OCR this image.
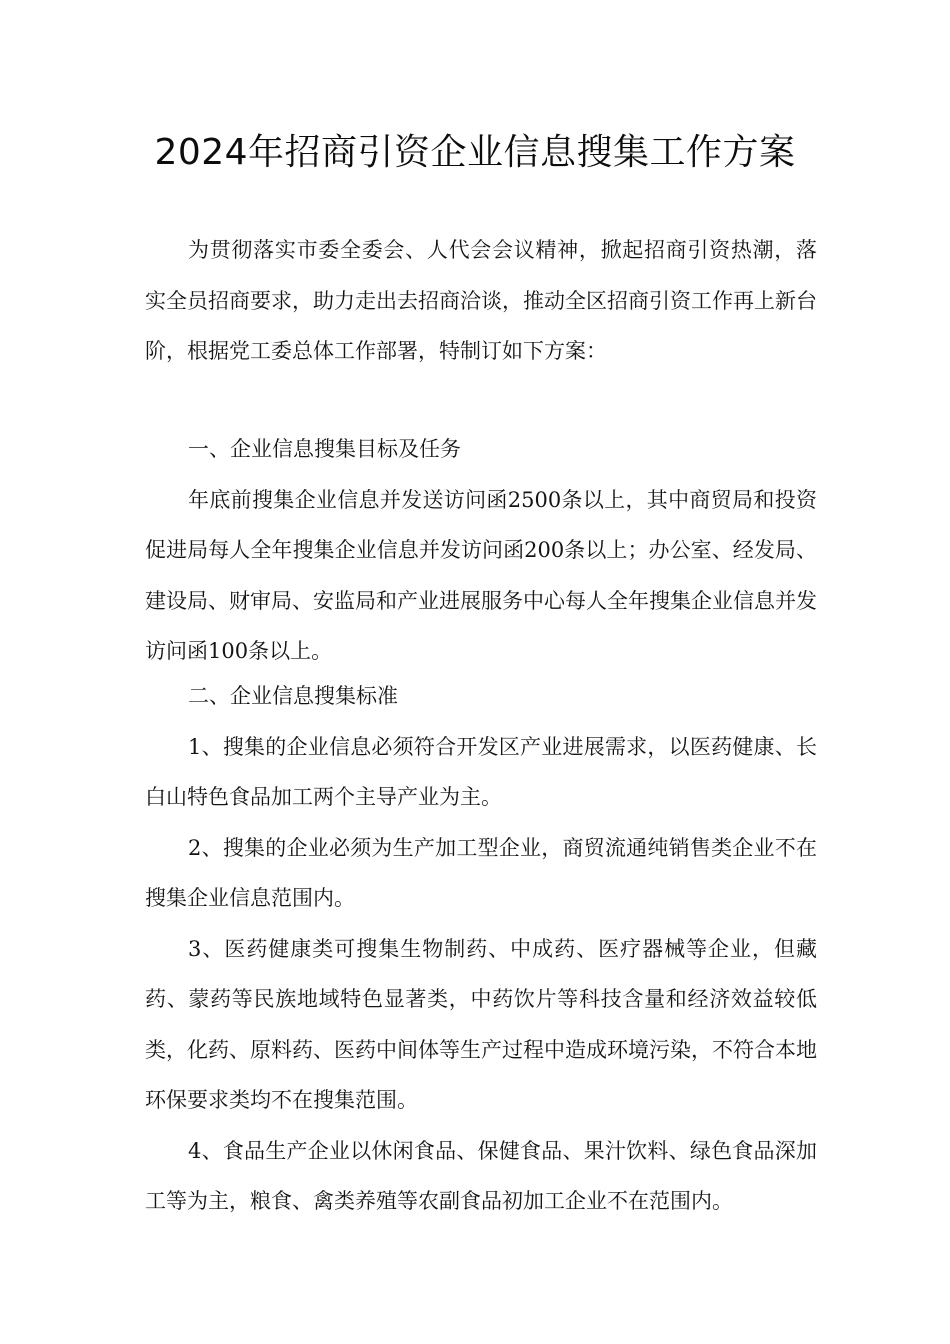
2024年招商引资企业信息搜集工作方案

为贯彻落实市委全委会、人代会会议精神，掀起招商引资热潮，落实全员招商要求，助力走出去招商洽谈，推动全区招商引资工作再上新台阶，根据党工委总体工作部署，特制订如下方案：

一、企业信息搜集目标及任务

年底前搜集企业信息并发送访问函2500条以上，其中商贸局和投资促进局每人全年搜集企业信息并发访问函200条以上；办公室、经发局、建设局、财审局、安监局和产业进展服务中心每人全年搜集企业信息并发访问函100条以上。

二、企业信息搜集标准

1、搜集的企业信息必须符合开发区产业进展需求，以医药健康、长白山特色食品加工两个主导产业为主。

2、搜集的企业必须为生产加工型企业，商贸流通纯销售类企业不在搜集企业信息范围内。

3、医药健康类可搜集生物制药、中成药、医疗器械等企业，但藏药、蒙药等民族地域特色显著类，中药饮片等科技含量和经济效益较低类，化药、原料药、医药中间体等生产过程中造成环境污染，不符合本地环保要求类均不在搜集范围。

4、食品生产企业以休闲食品、保健食品、果汁饮料、绿色食品深加工等为主，粮食、禽类养殖等农副食品初加工企业不在范围内。
